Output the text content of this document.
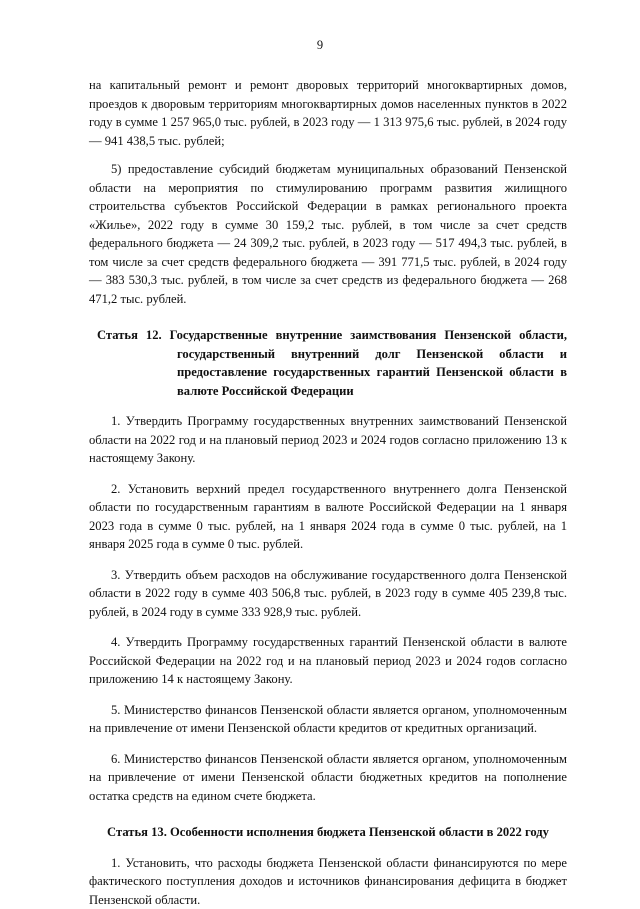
9

на капитальный ремонт и ремонт дворовых территорий многоквартирных домов, проездов к дворовым территориям многоквартирных домов населенных пунктов в 2022 году в сумме 1 257 965,0 тыс. рублей, в 2023 году — 1 313 975,6 тыс. рублей, в 2024 году — 941 438,5 тыс. рублей;

5) предоставление субсидий бюджетам муниципальных образований Пензенской области на мероприятия по стимулированию программ развития жилищного строительства субъектов Российской Федерации в рамках регионального проекта «Жилье», 2022 году в сумме 30 159,2 тыс. рублей, в том числе за счет средств федерального бюджета — 24 309,2 тыс. рублей, в 2023 году — 517 494,3 тыс. рублей, в том числе за счет средств федерального бюджета — 391 771,5 тыс. рублей, в 2024 году — 383 530,3 тыс. рублей, в том числе за счет средств из федерального бюджета — 268 471,2 тыс. рублей.

Статья 12. Государственные внутренние заимствования Пензенской области, государственный внутренний долг Пензенской области и предоставление государственных гарантий Пензенской области в валюте Российской Федерации

1. Утвердить Программу государственных внутренних заимствований Пензенской области на 2022 год и на плановый период 2023 и 2024 годов согласно приложению 13 к настоящему Закону.

2. Установить верхний предел государственного внутреннего долга Пензенской области по государственным гарантиям в валюте Российской Федерации на 1 января 2023 года в сумме 0 тыс. рублей, на 1 января 2024 года в сумме 0 тыс. рублей, на 1 января 2025 года в сумме 0 тыс. рублей.

3. Утвердить объем расходов на обслуживание государственного долга Пензенской области в 2022 году в сумме 403 506,8 тыс. рублей, в 2023 году в сумме 405 239,8 тыс. рублей, в 2024 году в сумме 333 928,9 тыс. рублей.

4. Утвердить Программу государственных гарантий Пензенской области в валюте Российской Федерации на 2022 год и на плановый период 2023 и 2024 годов согласно приложению 14 к настоящему Закону.

5. Министерство финансов Пензенской области является органом, уполномоченным на привлечение от имени Пензенской области кредитов от кредитных организаций.

6. Министерство финансов Пензенской области является органом, уполномоченным на привлечение от имени Пензенской области бюджетных кредитов на пополнение остатка средств на едином счете бюджета.

Статья 13. Особенности исполнения бюджета Пензенской области в 2022 году

1. Установить, что расходы бюджета Пензенской области финансируются по мере фактического поступления доходов и источников финансирования дефицита в бюджет Пензенской области.
